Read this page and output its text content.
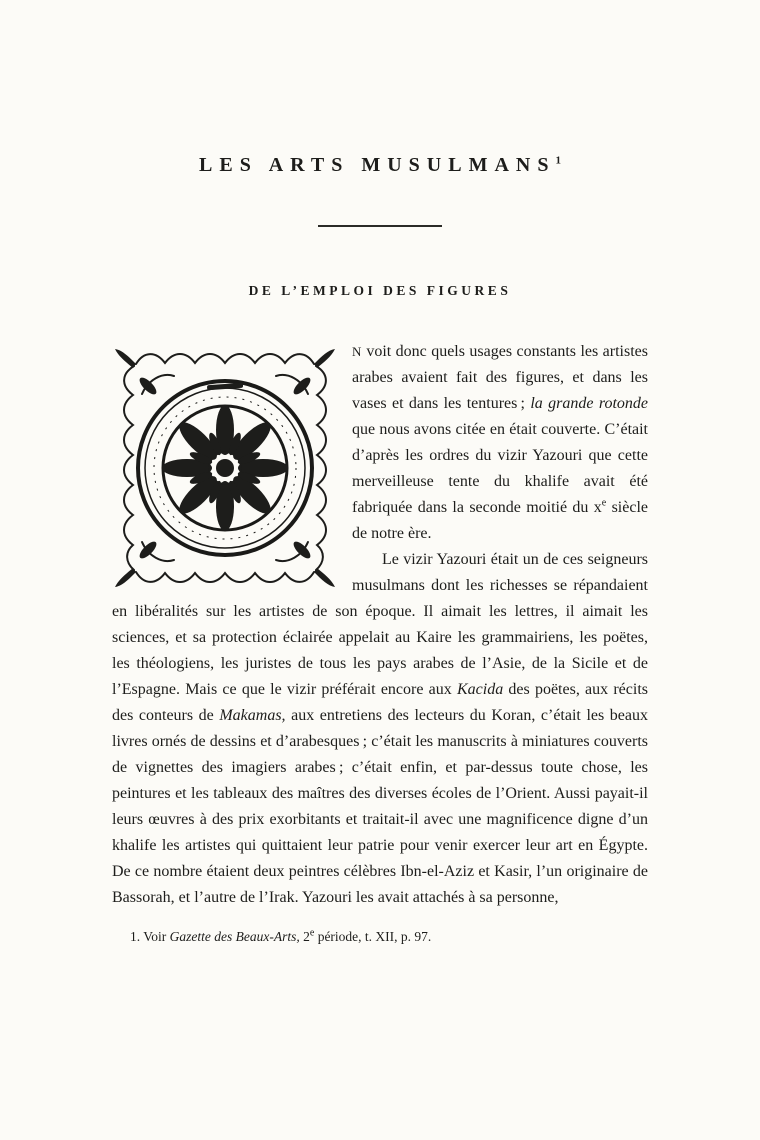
LES ARTS MUSULMANS$^1$
DE L’EMPLOI DES FIGURES

N voit donc quels usages constants les artistes arabes avaient fait des figures, et dans les vases et dans les tentures ; la grande rotonde que nous avons citée en était couverte. C’était d’après les ordres du vizir Yazouri que cette merveilleuse tente du khalife avait été fabriquée dans la seconde moitié du $x^e$ siècle de notre ère.

Le vizir Yazouri était un de ces seigneurs musulmans dont les richesses se répandaient en libéralités sur les artistes de son époque. Il aimait les lettres, il aimait les sciences, et sa protection éclairée appelait au Kaire les grammairiens, les poëtes, les théologiens, les juristes de tous les pays arabes de l’Asie, de la Sicile et de l’Espagne. Mais ce que le vizir préférait encore aux Kacida des poëtes, aux récits des conteurs de Makamas, aux entretiens des lecteurs du Koran, c’était les beaux livres ornés de dessins et d’arabesques ; c’était les manuscrits à miniatures couverts de vignettes des imagiers arabes ; c’était enfin, et par-dessus toute chose, les peintures et les tableaux des maîtres des diverses écoles de l’Orient. Aussi payait-il leurs œuvres à des prix exorbitants et traitait-il avec une magnificence digne d’un khalife les artistes qui quittaient leur patrie pour venir exercer leur art en Égypte. De ce nombre étaient deux peintres célèbres Ibn-el-Aziz et Kasir, l’un originaire de Bassorah, et l’autre de l’Irak. Yazouri les avait attachés à sa personne,

1. Voir Gazette des Beaux-Arts, 2e période, t. XII, p. 97.
